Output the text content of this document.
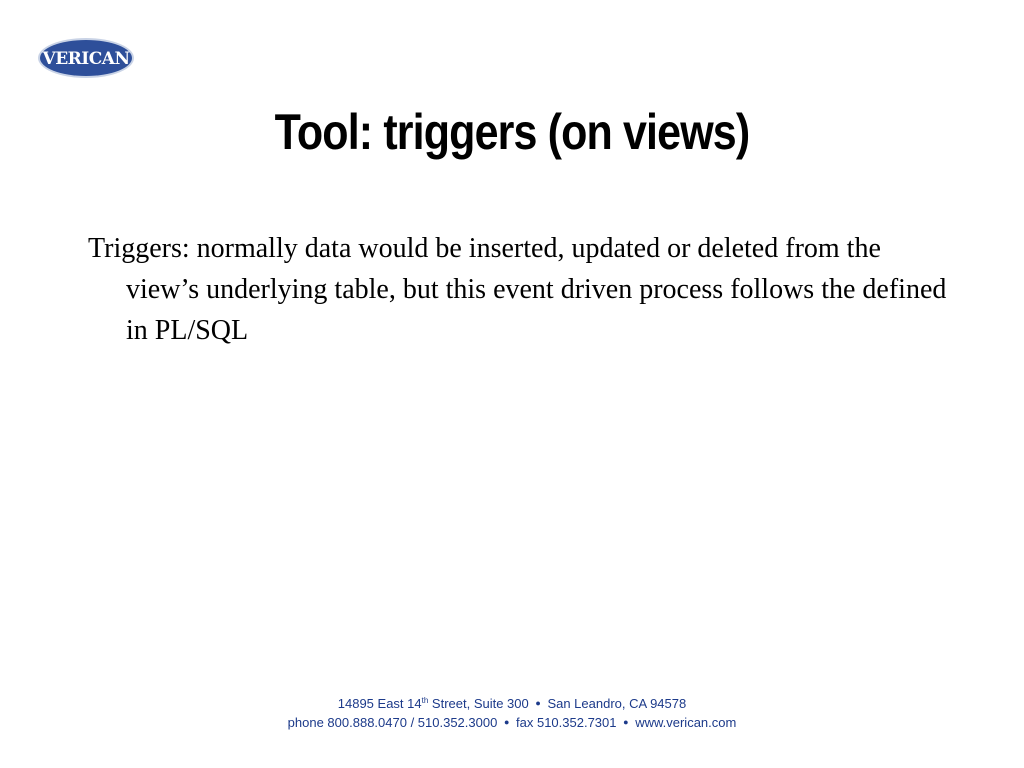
VERICAN
Tool: triggers (on views)
Triggers: normally data would be inserted, updated or deleted from the view’s underlying table, but this event driven process follows the defined in PL/SQL
14895 East 14th Street, Suite 300 ● San Leandro, CA 94578
phone 800.888.0470 / 510.352.3000 ● fax 510.352.7301 ● www.verican.com
